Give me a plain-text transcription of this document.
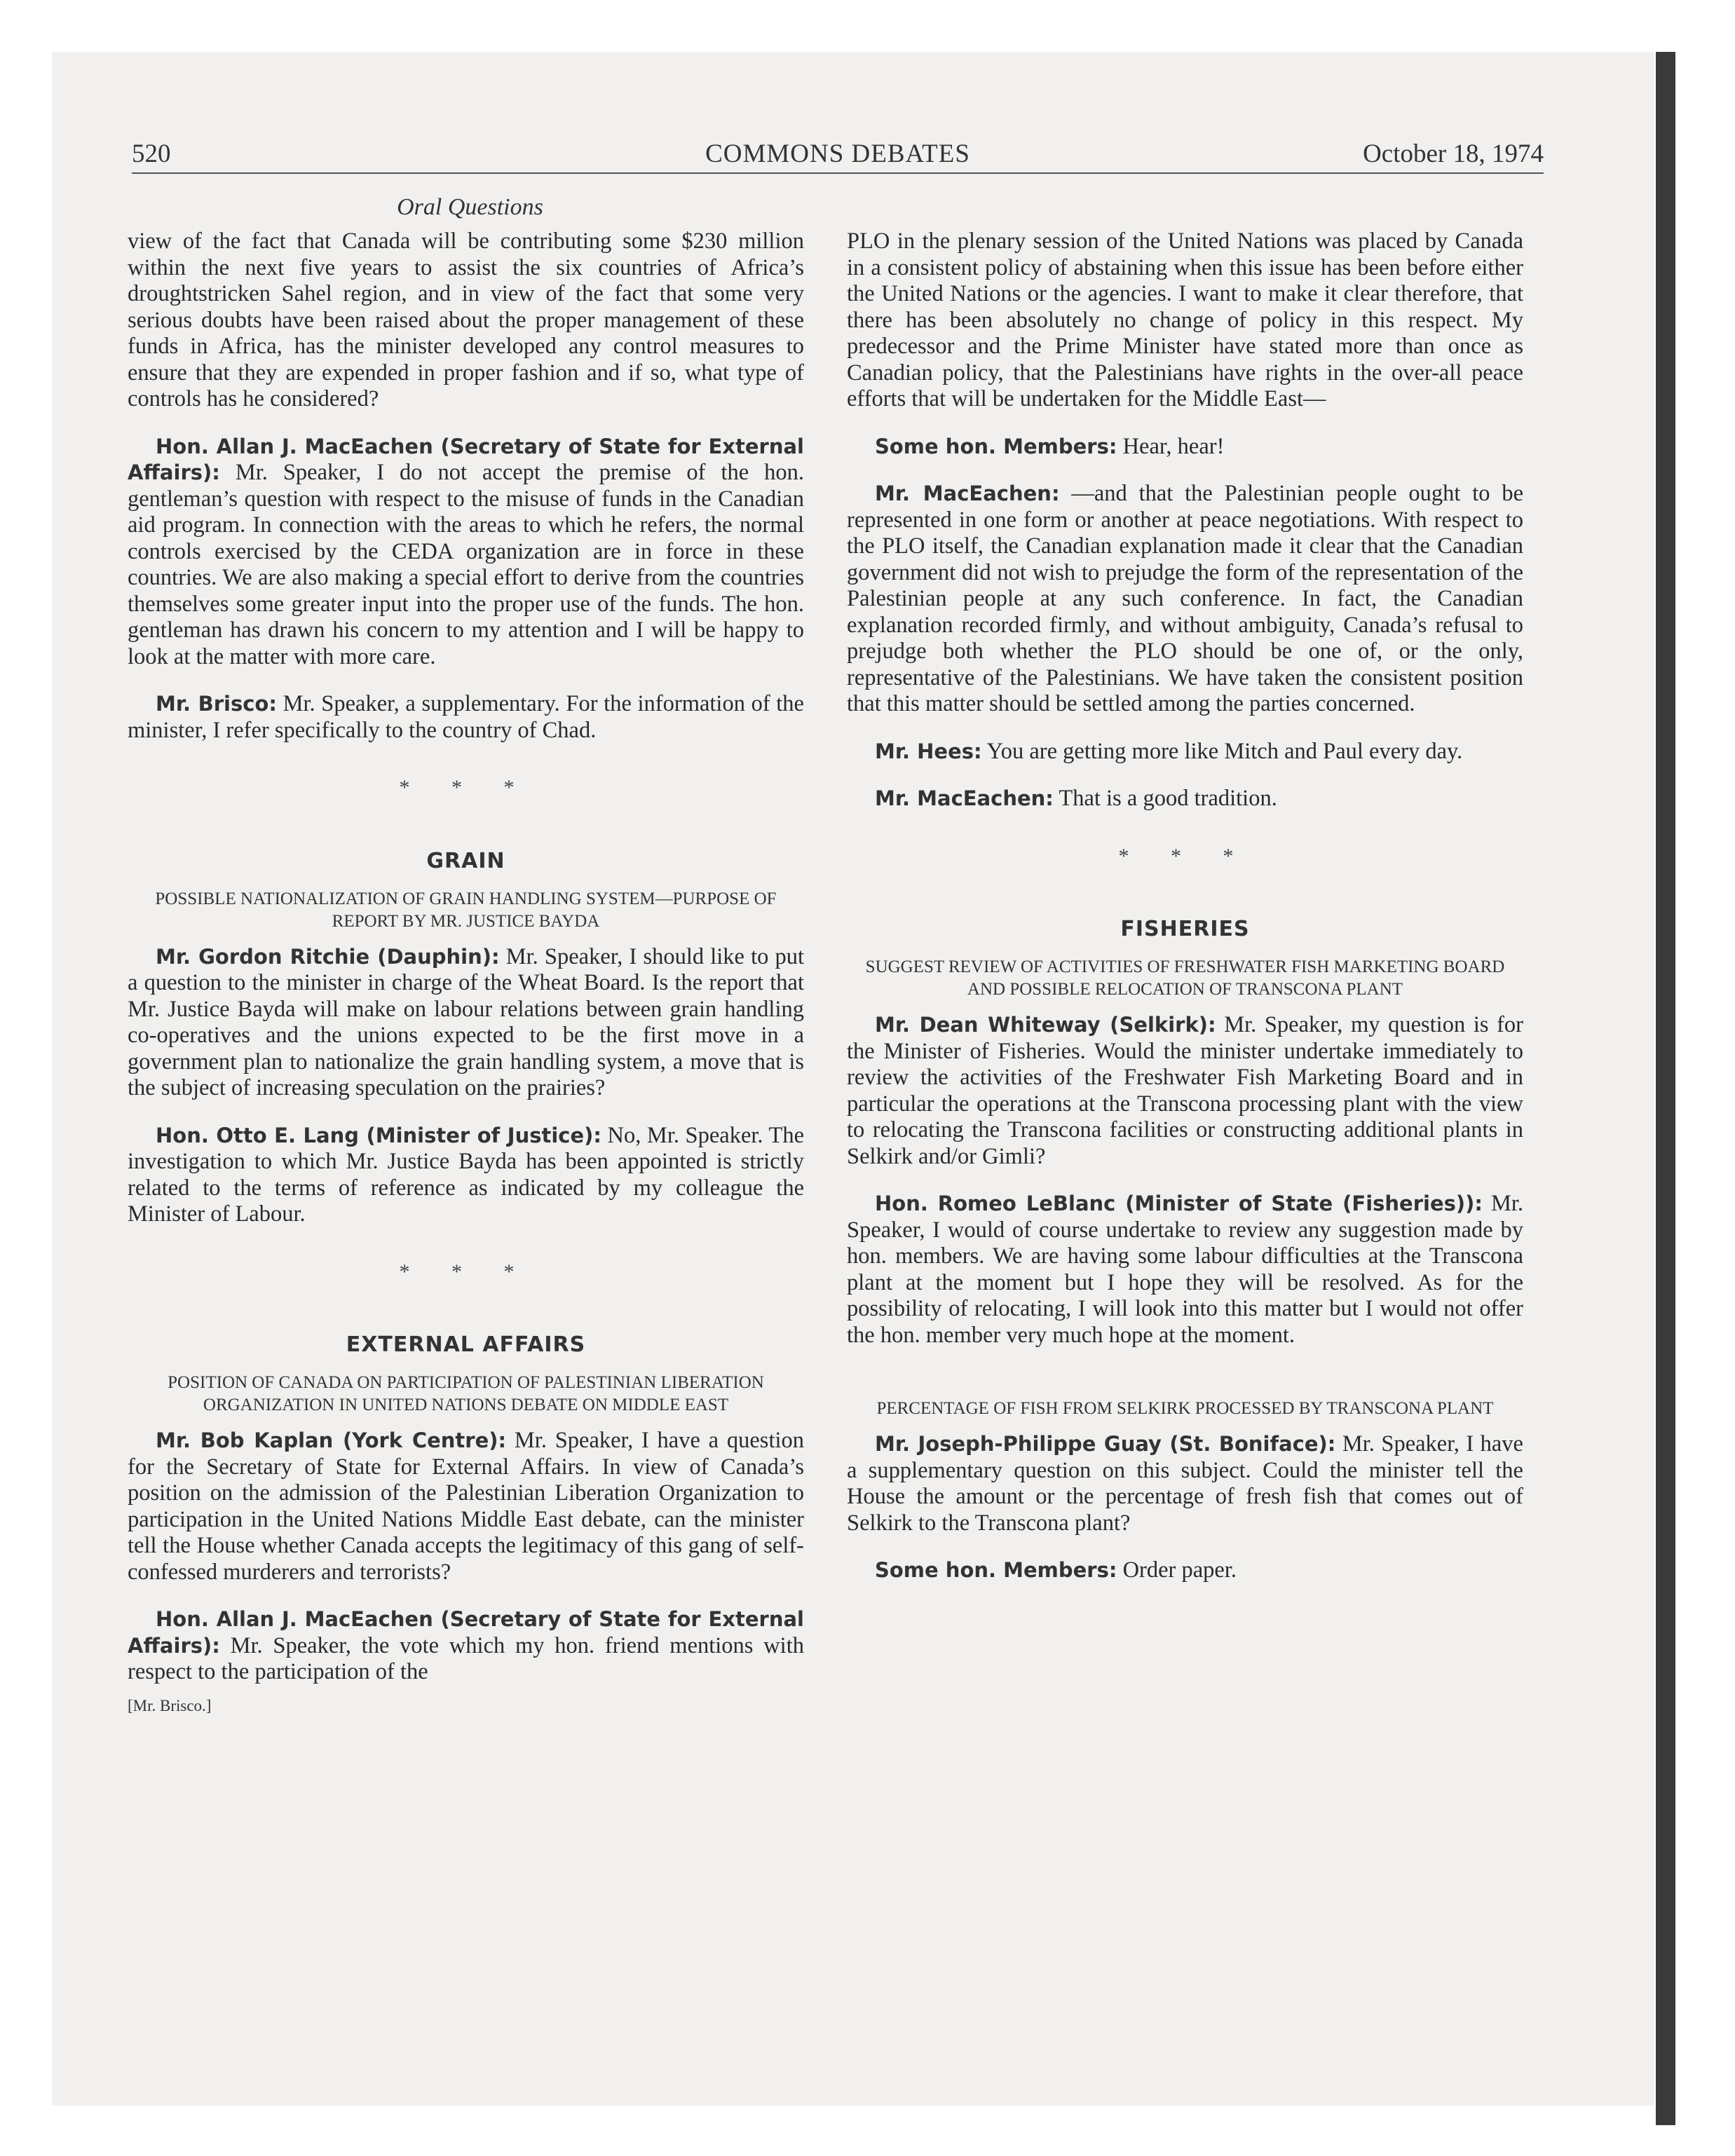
520	COMMONS DEBATES	October 18, 1974
Oral Questions

view of the fact that Canada will be contributing some $230 million within the next five years to assist the six countries of Africa’s droughtstricken Sahel region, and in view of the fact that some very serious doubts have been raised about the proper management of these funds in Africa, has the minister developed any control measures to ensure that they are expended in proper fashion and if so, what type of controls has he considered?

Hon. Allan J. MacEachen (Secretary of State for External Affairs): Mr. Speaker, I do not accept the premise of the hon. gentleman’s question with respect to the misuse of funds in the Canadian aid program. In connection with the areas to which he refers, the normal controls exercised by the CEDA organization are in force in these countries. We are also making a special effort to derive from the countries themselves some greater input into the proper use of the funds. The hon. gentleman has drawn his concern to my attention and I will be happy to look at the matter with more care.

Mr. Brisco: Mr. Speaker, a supplementary. For the information of the minister, I refer specifically to the country of Chad.

* * *
GRAIN
POSSIBLE NATIONALIZATION OF GRAIN HANDLING SYSTEM—PURPOSE OF REPORT BY MR. JUSTICE BAYDA

Mr. Gordon Ritchie (Dauphin): Mr. Speaker, I should like to put a question to the minister in charge of the Wheat Board. Is the report that Mr. Justice Bayda will make on labour relations between grain handling co-operatives and the unions expected to be the first move in a government plan to nationalize the grain handling system, a move that is the subject of increasing speculation on the prairies?

Hon. Otto E. Lang (Minister of Justice): No, Mr. Speaker. The investigation to which Mr. Justice Bayda has been appointed is strictly related to the terms of reference as indicated by my colleague the Minister of Labour.

* * *
EXTERNAL AFFAIRS
POSITION OF CANADA ON PARTICIPATION OF PALESTINIAN LIBERATION ORGANIZATION IN UNITED NATIONS DEBATE ON MIDDLE EAST

Mr. Bob Kaplan (York Centre): Mr. Speaker, I have a question for the Secretary of State for External Affairs. In view of Canada’s position on the admission of the Palestinian Liberation Organization to participation in the United Nations Middle East debate, can the minister tell the House whether Canada accepts the legitimacy of this gang of self-confessed murderers and terrorists?

Hon. Allan J. MacEachen (Secretary of State for External Affairs): Mr. Speaker, the vote which my hon. friend mentions with respect to the participation of the

[Mr. Brisco.]

PLO in the plenary session of the United Nations was placed by Canada in a consistent policy of abstaining when this issue has been before either the United Nations or the agencies. I want to make it clear therefore, that there has been absolutely no change of policy in this respect. My predecessor and the Prime Minister have stated more than once as Canadian policy, that the Palestinians have rights in the over-all peace efforts that will be undertaken for the Middle East—

Some hon. Members: Hear, hear!

Mr. MacEachen: —and that the Palestinian people ought to be represented in one form or another at peace negotiations. With respect to the PLO itself, the Canadian explanation made it clear that the Canadian government did not wish to prejudge the form of the representation of the Palestinian people at any such conference. In fact, the Canadian explanation recorded firmly, and without ambiguity, Canada’s refusal to prejudge both whether the PLO should be one of, or the only, representative of the Palestinians. We have taken the consistent position that this matter should be settled among the parties concerned.

Mr. Hees: You are getting more like Mitch and Paul every day.

Mr. MacEachen: That is a good tradition.

* * *
FISHERIES
SUGGEST REVIEW OF ACTIVITIES OF FRESHWATER FISH MARKETING BOARD AND POSSIBLE RELOCATION OF TRANSCONA PLANT

Mr. Dean Whiteway (Selkirk): Mr. Speaker, my question is for the Minister of Fisheries. Would the minister undertake immediately to review the activities of the Freshwater Fish Marketing Board and in particular the operations at the Transcona processing plant with the view to relocating the Transcona facilities or constructing additional plants in Selkirk and/or Gimli?

Hon. Romeo LeBlanc (Minister of State (Fisheries)): Mr. Speaker, I would of course undertake to review any suggestion made by hon. members. We are having some labour difficulties at the Transcona plant at the moment but I hope they will be resolved. As for the possibility of relocating, I will look into this matter but I would not offer the hon. member very much hope at the moment.

PERCENTAGE OF FISH FROM SELKIRK PROCESSED BY TRANSCONA PLANT

Mr. Joseph-Philippe Guay (St. Boniface): Mr. Speaker, I have a supplementary question on this subject. Could the minister tell the House the amount or the percentage of fresh fish that comes out of Selkirk to the Transcona plant?

Some hon. Members: Order paper.
